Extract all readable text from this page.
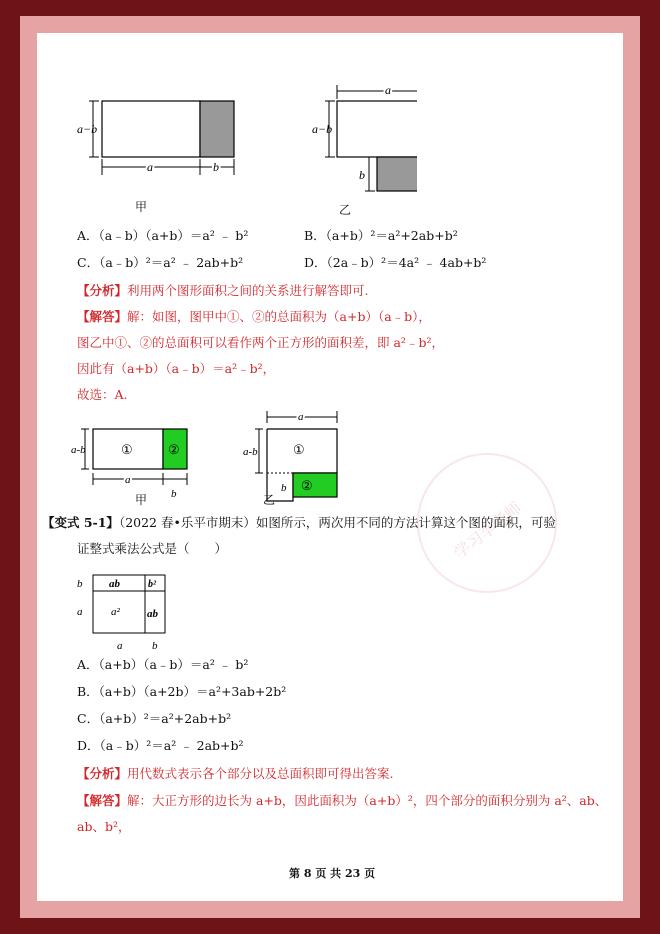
学习李老师
a−b
a	b
a
a−b
b
甲	乙
A．（a﹣b）（a+b）＝a² ﹣ b²	B．（a+b）²＝a²+2ab+b²
C．（a﹣b）²＝a² ﹣ 2ab+b²	D．（2a﹣b）²＝4a² ﹣ 4ab+b²
【分析】利用两个图形面积之间的关系进行解答即可.
【解答】解：如图，图甲中①、②的总面积为（a+b）（a﹣b），
图乙中①、②的总面积可以看作两个正方形的面积差，即 a²﹣b²，
因此有（a+b）（a﹣b）＝a²﹣b²，
故选：A.
①	②
a-b
a
b
①
②
a
a-b
b
甲	乙
【变式 5-1】（2022 春•乐平市期末）如图所示，两次用不同的方法计算这个图的面积，可验
证整式乘法公式是（　　）
ab	b²
a² ab
b
a
a	b
A．（a+b）（a﹣b）＝a² ﹣ b²
B．（a+b）（a+2b）＝a²+3ab+2b²
C．（a+b）²＝a²+2ab+b²
D．（a﹣b）²＝a² ﹣ 2ab+b²
【分析】用代数式表示各个部分以及总面积即可得出答案.
【解答】解：大正方形的边长为 a+b，因此面积为（a+b）²，四个部分的面积分别为 a²、ab、
ab、b²，
第 8 页 共 23 页
